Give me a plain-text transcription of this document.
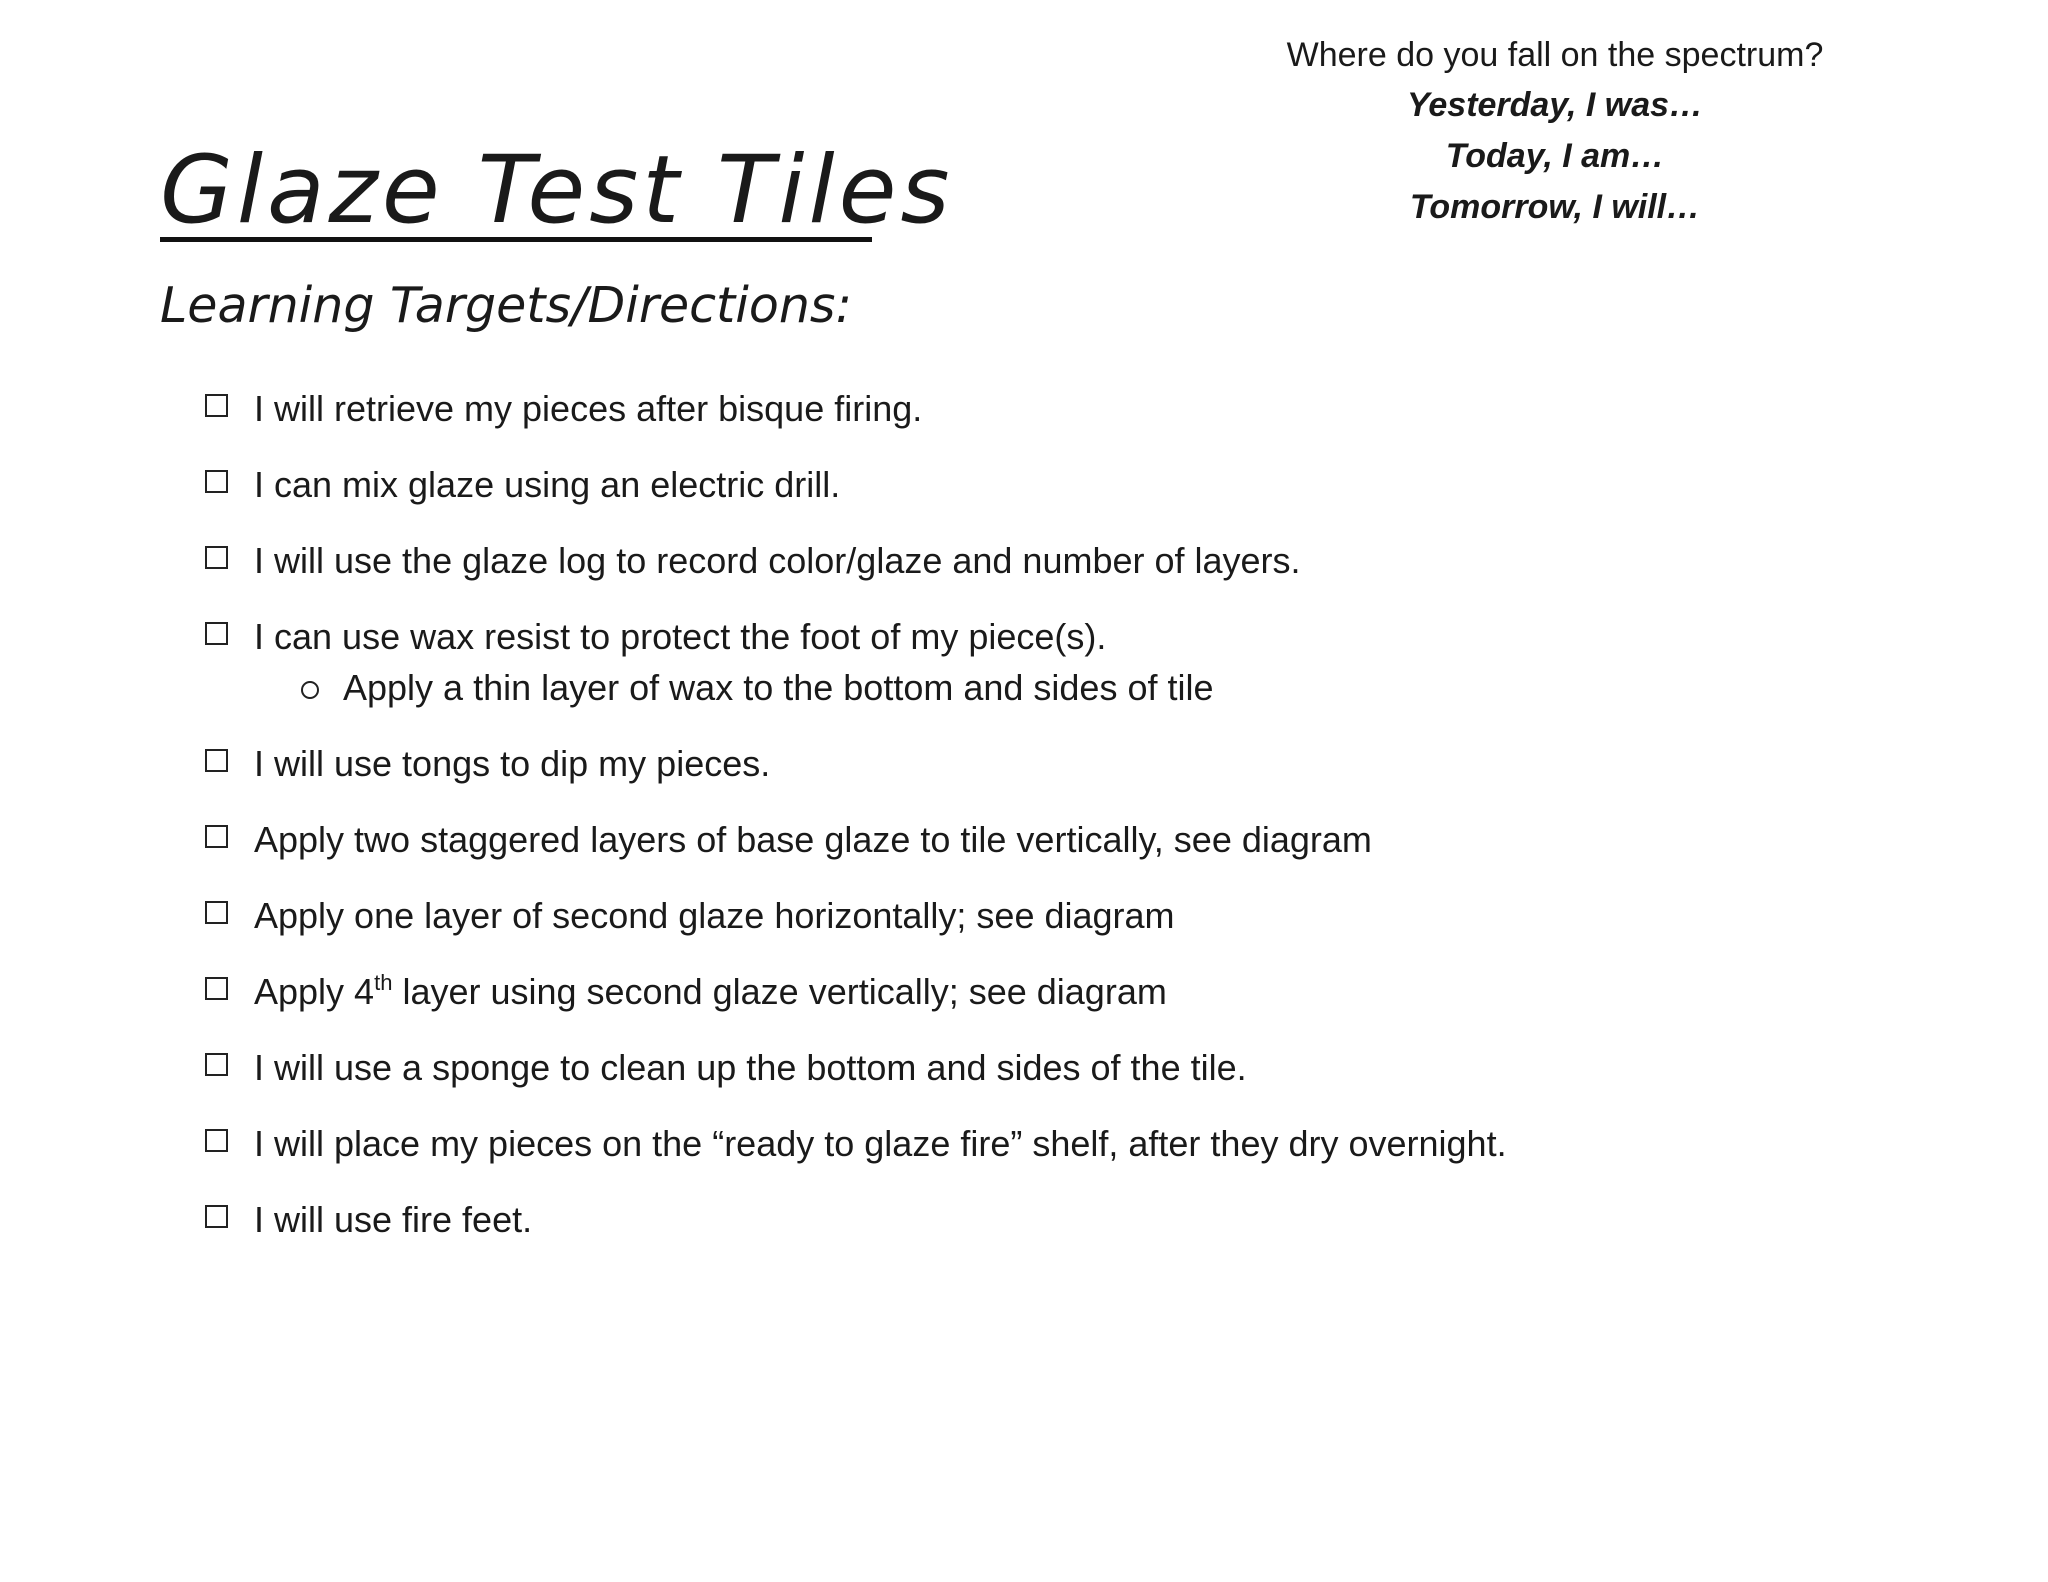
Where do you fall on the spectrum?
Yesterday, I was…
Today, I am…
Tomorrow, I will…
Glaze Test Tiles
Learning Targets/Directions:
I will retrieve my pieces after bisque firing.
I can mix glaze using an electric drill.
I will use the glaze log to record color/glaze and number of layers.
I can use wax resist to protect the foot of my piece(s).
Apply a thin layer of wax to the bottom and sides of tile
I will use tongs to dip my pieces.
Apply two staggered layers of base glaze to tile vertically, see diagram
Apply one layer of second glaze horizontally; see diagram
Apply 4th layer using second glaze vertically; see diagram
I will use a sponge to clean up the bottom and sides of the tile.
I will place my pieces on the “ready to glaze fire” shelf, after they dry overnight.
I will use fire feet.
